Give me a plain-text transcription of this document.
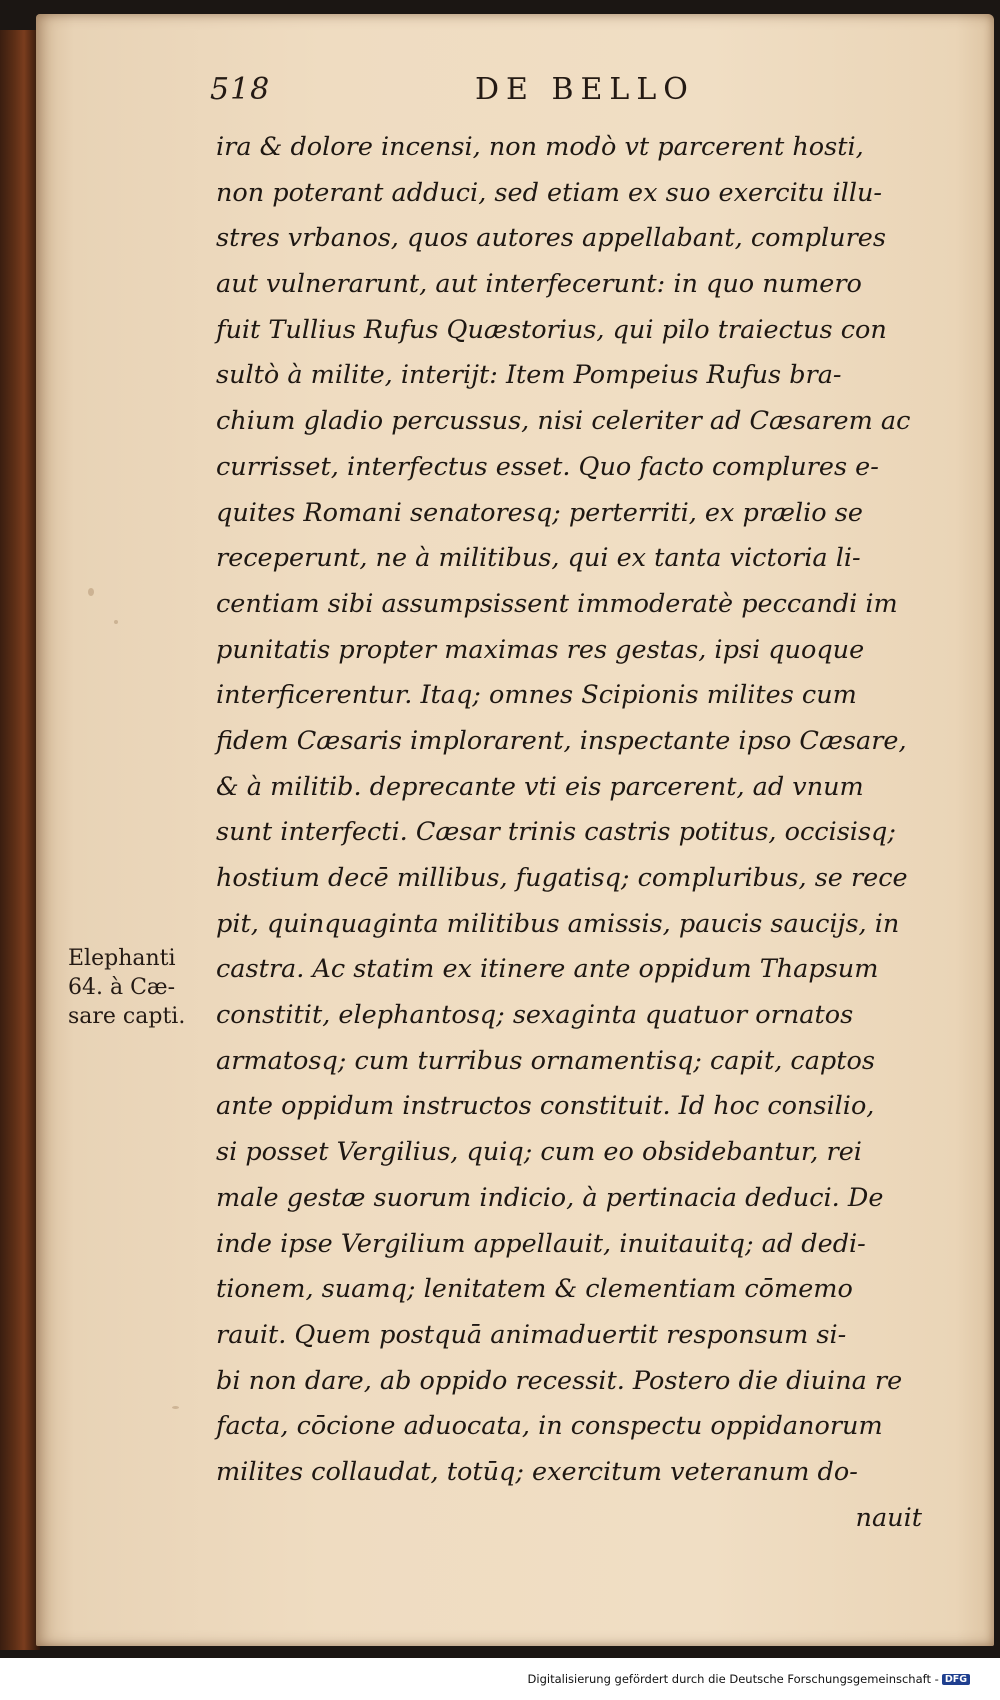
518	DE BELLO
ira & dolore incensi, non modò vt parcerent hosti,
non poterant adduci, sed etiam ex suo exercitu illu-
stres vrbanos, quos autores appellabant, complures
aut vulnerarunt, aut interfecerunt: in quo numero
fuit Tullius Rufus Quæstorius, qui pilo traiectus con
sultò à milite, interijt: Item Pompeius Rufus bra-
chium gladio percussus, nisi celeriter ad Cæsarem ac
currisset, interfectus esset. Quo facto complures e-
quites Romani senatoresq; perterriti, ex prælio se
receperunt, ne à militibus, qui ex tanta victoria li-
centiam sibi assumpsissent immoderatè peccandi im
punitatis propter maximas res gestas, ipsi quoque
interficerentur. Itaq; omnes Scipionis milites cum
fidem Cæsaris implorarent, inspectante ipso Cæsare,
& à militib. deprecante vti eis parcerent, ad vnum
sunt interfecti. Cæsar trinis castris potitus, occisisq;
hostium decē millibus, fugatisq; compluribus, se rece
pit, quinquaginta militibus amissis, paucis saucijs, in
castra. Ac statim ex itinere ante oppidum Thapsum
constitit, elephantosq; sexaginta quatuor ornatos
armatosq; cum turribus ornamentisq; capit, captos
ante oppidum instructos constituit. Id hoc consilio,
si posset Vergilius, quiq; cum eo obsidebantur, rei
male gestæ suorum indicio, à pertinacia deduci. De
inde ipse Vergilium appellauit, inuitauitq; ad dedi-
tionem, suamq; lenitatem & clementiam cōmemo
rauit. Quem postquā animaduertit responsum si-
bi non dare, ab oppido recessit. Postero die diuina re
facta, cōcione aduocata, in conspectu oppidanorum
milites collaudat, totūq; exercitum veteranum do-
nauit
Elephanti
64. à Cæ-
sare capti.
Digitalisierung gefördert durch die Deutsche Forschungsgemeinschaft - DFG
